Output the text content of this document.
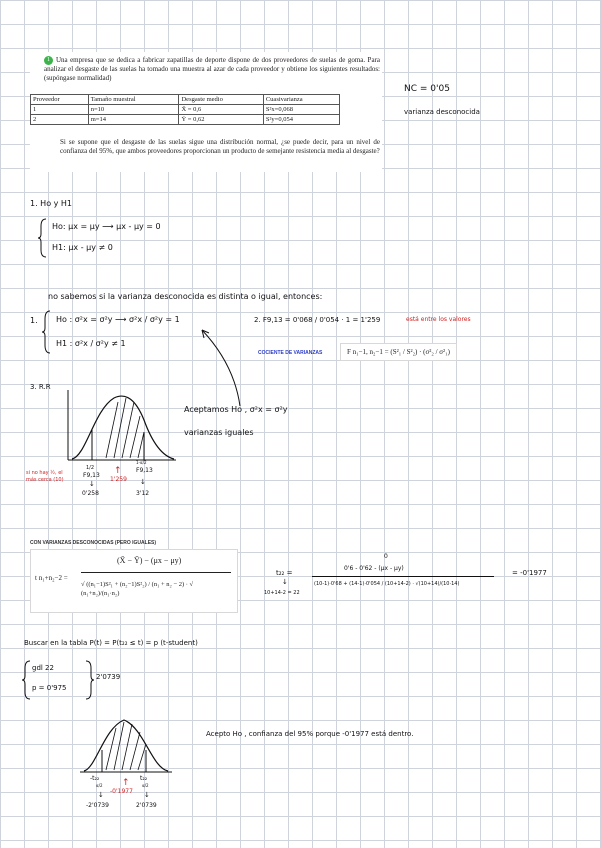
1 Una empresa que se dedica a fabricar zapatillas de deporte dispone de dos proveedores de suelas de goma. Para analizar el desgaste de las suelas ha tomado una muestra al azar de cada proveedor y obtiene los siguientes resultados: (supóngase normalidad)
Proveedor	Tamaño muestral	Desgaste medio	Cuasivarianza
1	n=10	X̄ = 0,6	S²x=0,068
2	m=14	Ȳ = 0,62	S²y=0,054
Si se supone que el desgaste de las suelas sigue una distribución normal, ¿se puede decir, para un nivel de confianza del 95%, que ambos proveedores proporcionan un producto de semejante resistencia media al desgaste?
NC = 0'05
varianza desconocida
1. Ho y H1
Ho: μx = μy ⟶ μx - μy = 0
H1: μx - μy ≠ 0
no sabemos si la varianza desconocida es distinta o igual, entonces:
1. Ho : σ²x = σ²y ⟶ σ²x / σ²y = 1
H1 : σ²x / σ²y ≠ 1
2. F9,13 = 0'068 / 0'054 · 1 = 1'259	está entre los valores
COCIENTE DE VARIANZAS	F n₁−1, n₂−1 = (S²₁ / S²₂) · (σ²₂ / σ²₁)
3. R.R
1/2
F9,13 ↑
1'259
1-α/2
F9,13
↓
0'258
↓
3'12
si no hay ½, el más cerca (10)
Aceptamos Ho , σ²x = σ²y
varianzas iguales
CON VARIANZAS DESCONOCIDAS (PERO IGUALES)
t n₁+n₂−2 =
(X̄ − Ȳ) − (μx − μy)
√ ((n₁−1)S²₁ + (n₂−1)S²₂) / (n₁ + n₂ − 2) · √ (n₁+n₂)/(n₁·n₂)
t₂₂ =
↓
10+14-2 = 22
0
0'6 - 0'62 - (μx - μy)
(10-1)·0'68 + (14-1)·0'054 / (10+14-2) · √(10+14)/(10·14)
= -0'1977
Buscar en la tabla P(t) = P(t₂₂ ≤ t) = p (t-student)
gdl 22
p = 0'975
2'0739
-t₂₂
α/2
↓
-2'0739
↑
-0'1977
t₂₂
α/2
↓
2'0739
Acepto Ho , confianza del 95% porque -0'1977 está dentro.
